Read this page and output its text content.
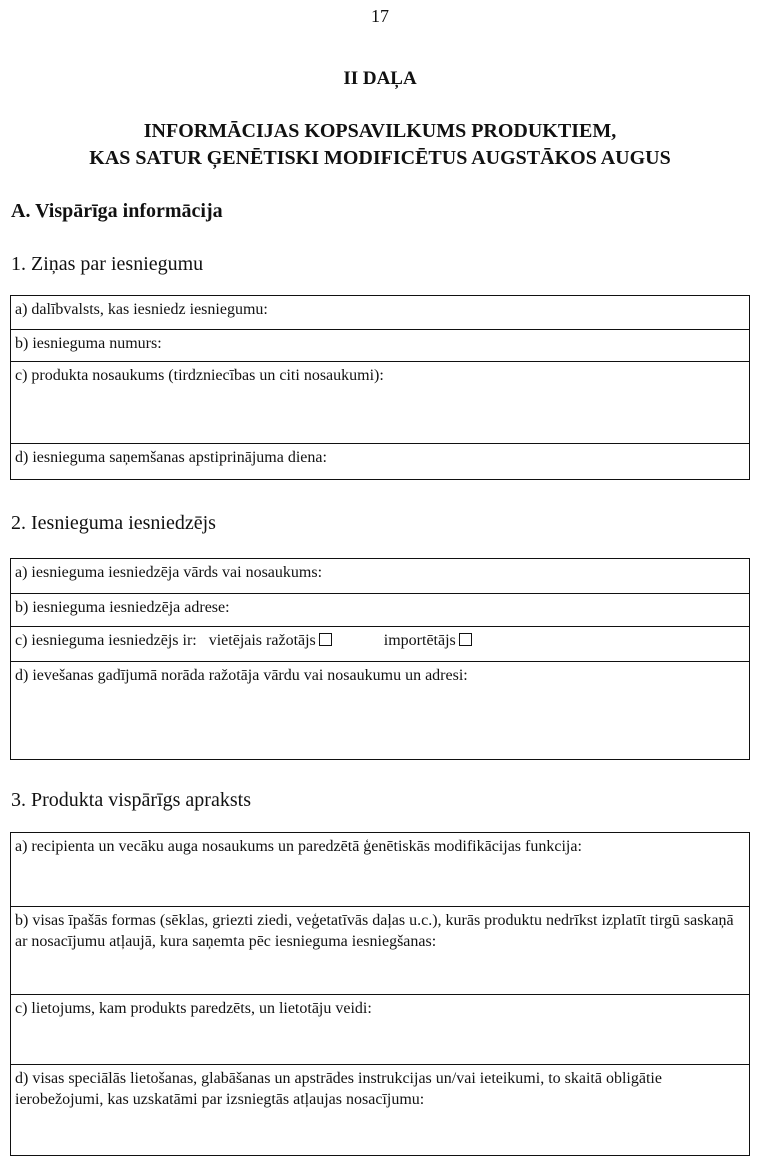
17
II DAĻA
INFORMĀCIJAS KOPSAVILKUMS PRODUKTIEM,
KAS SATUR ĢENĒTISKI MODIFICĒTUS AUGSTĀKOS AUGUS
A. Vispārīga informācija
1. Ziņas par iesniegumu
a) dalībvalsts, kas iesniedz iesniegumu:
b) iesnieguma numurs:
c) produkta nosaukums (tirdzniecības un citi nosaukumi):
d) iesnieguma saņemšanas apstiprinājuma diena:
2. Iesnieguma iesniedzējs
a) iesnieguma iesniedzēja vārds vai nosaukums:
b) iesnieguma iesniedzēja adrese:
c) iesnieguma iesniedzējs ir: vietējais ražotājs	importētājs
d) ievešanas gadījumā norāda ražotāja vārdu vai nosaukumu un adresi:
3. Produkta vispārīgs apraksts
a) recipienta un vecāku auga nosaukums un paredzētā ģenētiskās modifikācijas funkcija:
b) visas īpašās formas (sēklas, griezti ziedi, veģetatīvās daļas u.c.), kurās produktu nedrīkst izplatīt tirgū saskaņā ar nosacījumu atļaujā, kura saņemta pēc iesnieguma iesniegšanas:
c) lietojums, kam produkts paredzēts, un lietotāju veidi:
d) visas speciālās lietošanas, glabāšanas un apstrādes instrukcijas un/vai ieteikumi, to skaitā obligātie ierobežojumi, kas uzskatāmi par izsniegtās atļaujas nosacījumu:
